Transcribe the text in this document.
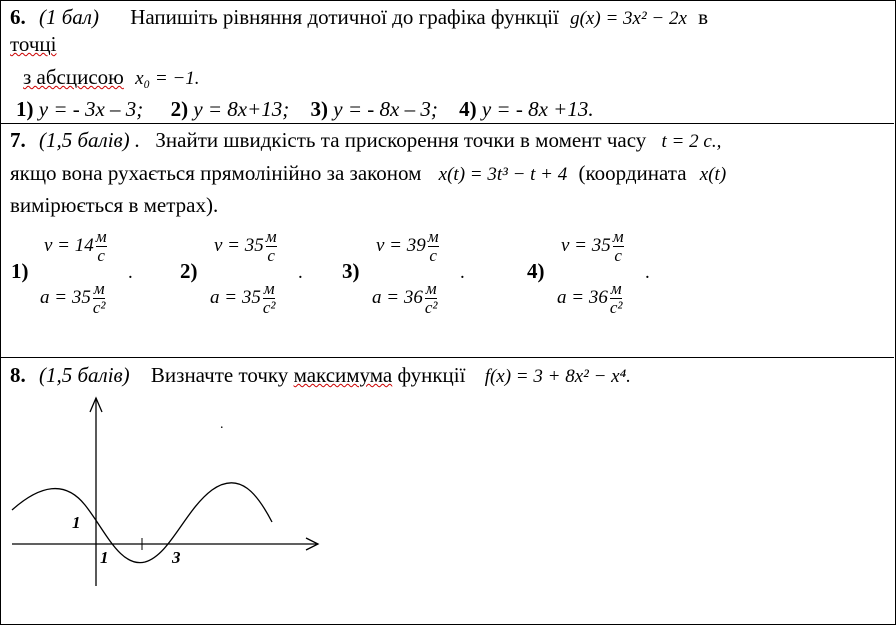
6. (1 бал) Напишіть рівняння дотичної до графіка функції g(x) = 3x² − 2x в
точці
з абсцисою x₀ = −1.
1) y = - 3x – 3; 2) y = 8x+13; 3) y = - 8x – 3; 4) y = - 8x +13.
7. (1,5 балів) . Знайти швидкість та прискорення точки в момент часу t = 2 с.,
якщо вона рухається прямолінійно за законом x(t) = 3t³ − t + 4 (координата x(t)
вимірюється в метрах).
1)
$v = 14 \frac{м}{с}$
$a = 35 \frac{м}{\text{с²}}$
. 2)
$v = 35 \frac{м}{с}$
$a = 35 \frac{м}{\text{с²}}$
. 3)
$v = 39 \frac{м}{с}$
$a = 36 \frac{м}{\text{с²}}$
.	4)
$v = 35 \frac{м}{с}$
$a = 36 \frac{м}{\text{с²}}$
.
8. (1,5 балів) Визначте точку максимума функції f(x) = 3 + 8x² − x⁴.
1
1	3
.
